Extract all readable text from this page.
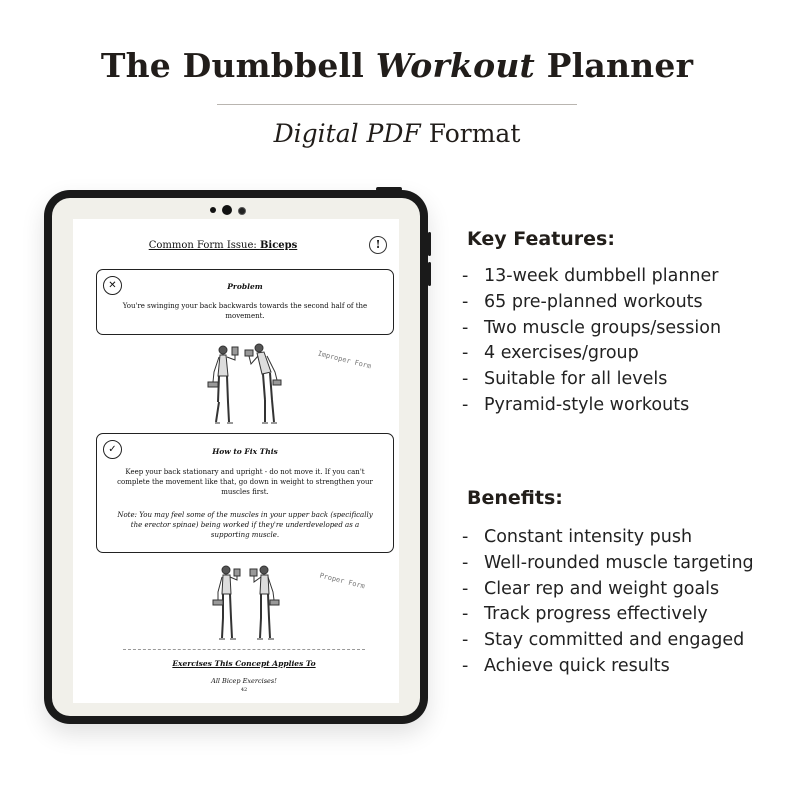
The Dumbbell Workout Planner
Digital PDF Format
Common Form Issue: Biceps	!
✕	Problem
You're swinging your back backwards towards the second half of the movement.
Improper Form
✓	How to Fix This
Keep your back stationary and upright - do not move it. If you can't complete the movement like that, go down in weight to strengthen your muscles first.
Note: You may feel some of the muscles in your upper back (specifically the erector spinae) being worked if they're underdeveloped as a supporting muscle.
Proper Form
Exercises This Concept Applies To
All Bicep Exercises!
42
Key Features:
- 13-week dumbbell planner
- 65 pre-planned workouts
- Two muscle groups/session
- 4 exercises/group
- Suitable for all levels
- Pyramid-style workouts
Benefits:
- Constant intensity push
- Well-rounded muscle targeting
- Clear rep and weight goals
- Track progress effectively
- Stay committed and engaged
- Achieve quick results
